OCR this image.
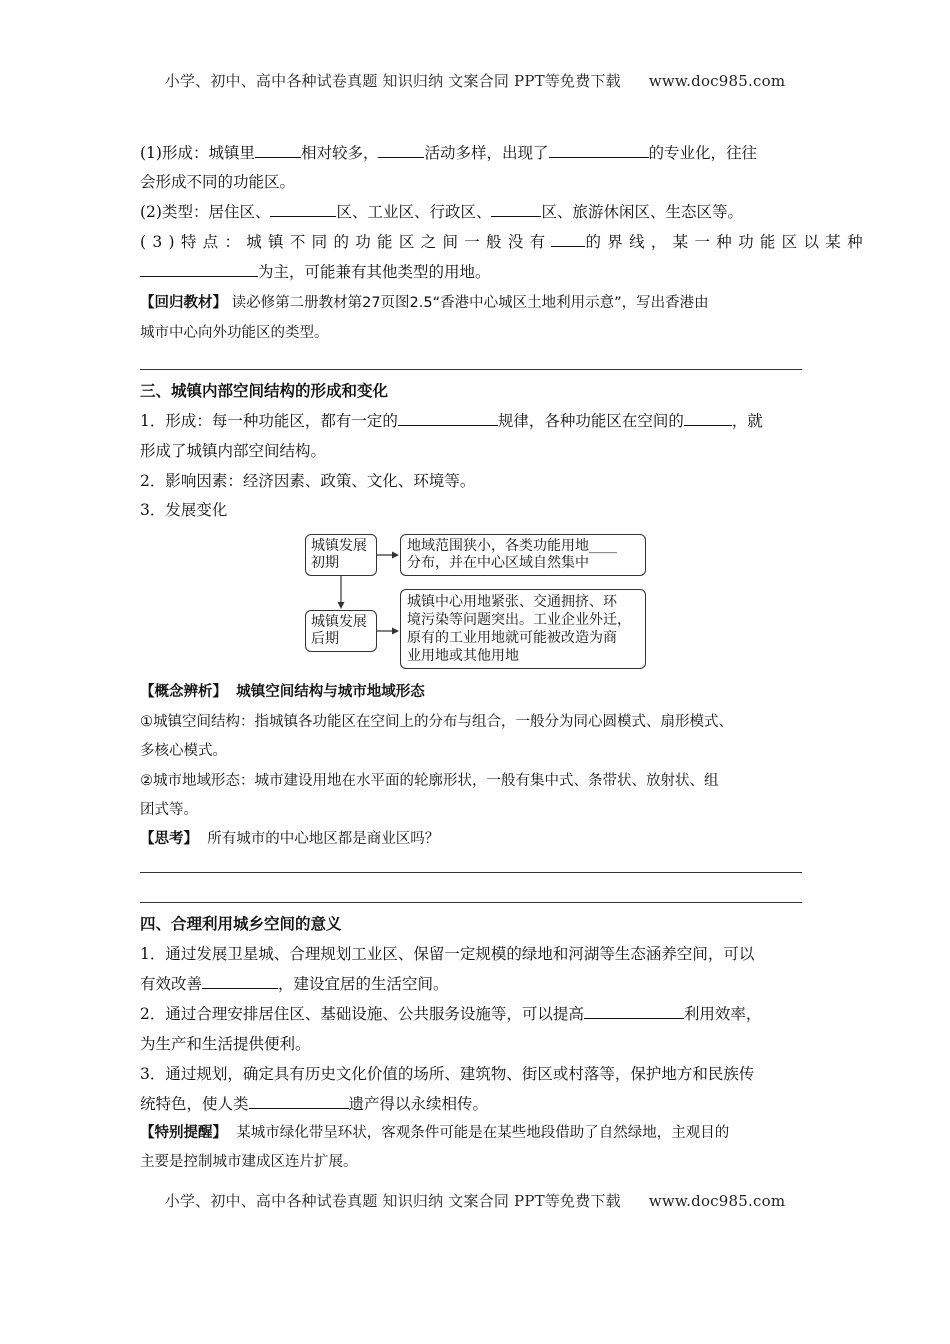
小学、初中、高中各种试卷真题 知识归纳 文案合同 PPT等免费下载 www.doc985.com
(1)形成：城镇里	相对较多，	活动多样，出现了	的专业化，往往
会形成不同的功能区。
(2)类型：居住区、	区、工业区、行政区、	区、旅游休闲区、生态区等。
(3)特点：城镇不同的功能区之间一般没有 的界线，某一种功能区以某种
为主，可能兼有其他类型的用地。
【回归教材】 读必修第二册教材第27页图2.5“香港中心城区土地利用示意”，写出香港由
城市中心向外功能区的类型。
三、城镇内部空间结构的形成和变化
1．形成：每一种功能区，都有一定的	规律，各种功能区在空间的	，就
形成了城镇内部空间结构。
2．影响因素：经济因素、政策、文化、环境等。
3．发展变化
城镇发展
初期
地域范围狭小，各类功能用地____
分布，并在中心区域自然集中
城镇发展
后期
城镇中心用地紧张、交通拥挤、环
境污染等问题突出。工业企业外迁，
原有的工业用地就可能被改造为商
业用地或其他用地
【概念辨析】 城镇空间结构与城市地域形态
①城镇空间结构：指城镇各功能区在空间上的分布与组合，一般分为同心圆模式、扇形模式、
多核心模式。
②城市地域形态：城市建设用地在水平面的轮廓形状，一般有集中式、条带状、放射状、组
团式等。
【思考】 所有城市的中心地区都是商业区吗？
四、合理利用城乡空间的意义
1．通过发展卫星城、合理规划工业区、保留一定规模的绿地和河湖等生态涵养空间，可以
有效改善	，建设宜居的生活空间。
2．通过合理安排居住区、基础设施、公共服务设施等，可以提高	利用效率，
为生产和生活提供便利。
3．通过规划，确定具有历史文化价值的场所、建筑物、街区或村落等，保护地方和民族传
统特色，使人类	遗产得以永续相传。
【特别提醒】 某城市绿化带呈环状，客观条件可能是在某些地段借助了自然绿地，主观目的
主要是控制城市建成区连片扩展。
小学、初中、高中各种试卷真题 知识归纳 文案合同 PPT等免费下载 www.doc985.com
